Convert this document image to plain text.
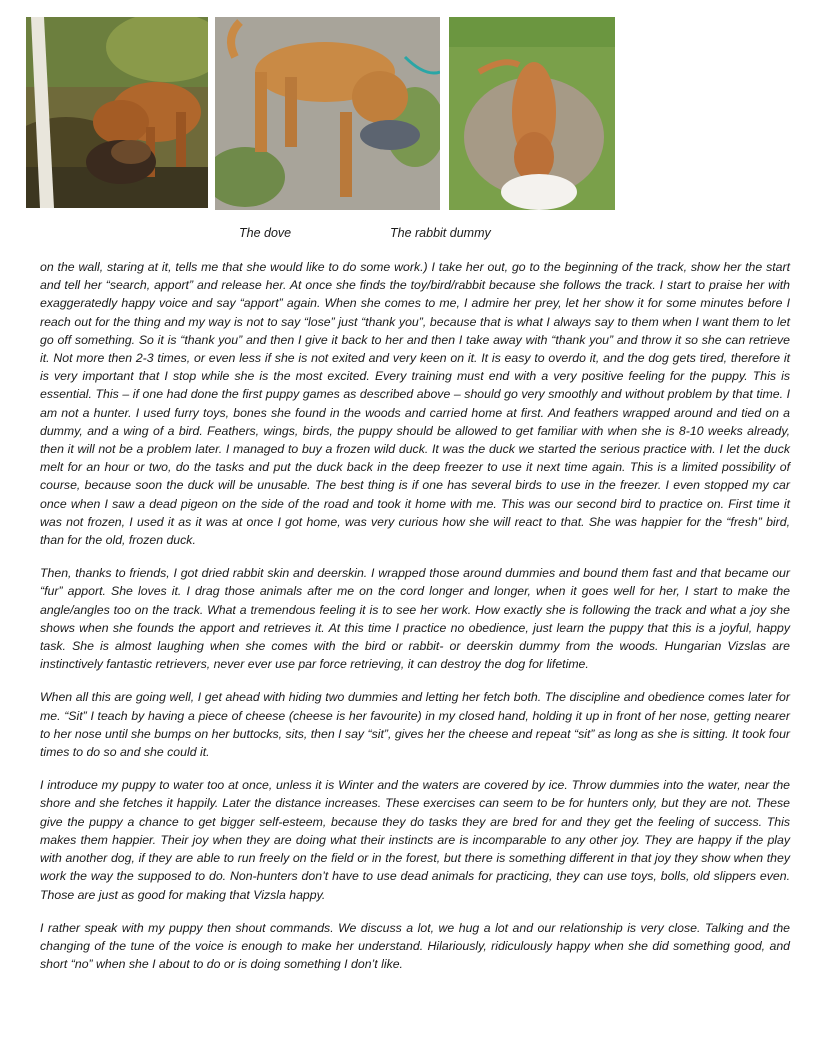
The dove	The rabbit dummy

on the wall, staring at it, tells me that she would like to do some work.) I take her out, go to the beginning of the track, show her the start and tell her “search, apport” and release her. At once she finds the toy/bird/rabbit because she follows the track. I start to praise her with exaggeratedly happy voice and say “apport” again. When she comes to me, I admire her prey, let her show it for some minutes before I reach out for the thing and my way is not to say “lose” just “thank you”, because that is what I always say to them when I want them to let go off something. So it is “thank you” and then I give it back to her and then I take away with “thank you” and throw it so she can retrieve it. Not more then 2-3 times, or even less if she is not exited and very keen on it. It is easy to overdo it, and the dog gets tired, therefore it is very important that I stop while she is the most excited. Every training must end with a very positive feeling for the puppy. This is essential. This – if one had done the first puppy games as described above – should go very smoothly and without problem by that time. I am not a hunter. I used furry toys, bones she found in the woods and carried home at first. And feathers wrapped around and tied on a dummy, and a wing of a bird. Feathers, wings, birds, the puppy should be allowed to get familiar with when she is 8-10 weeks already, then it will not be a problem later. I managed to buy a frozen wild duck. It was the duck we started the serious practice with. I let the duck melt for an hour or two, do the tasks and put the duck back in the deep freezer to use it next time again. This is a limited possibility of course, because soon the duck will be unusable. The best thing is if one has several birds to use in the freezer. I even stopped my car once when I saw a dead pigeon on the side of the road and took it home with me. This was our second bird to practice on. First time it was not frozen, I used it as it was at once I got home, was very curious how she will react to that. She was happier for the “fresh” bird, than for the old, frozen duck.

Then, thanks to friends, I got dried rabbit skin and deerskin. I wrapped those around dummies and bound them fast and that became our “fur” apport. She loves it. I drag those animals after me on the cord longer and longer, when it goes well for her, I start to make the angle/angles too on the track. What a tremendous feeling it is to see her work. How exactly she is following the track and what a joy she shows when she founds the apport and retrieves it. At this time I practice no obedience, just learn the puppy that this is a joyful, happy task. She is almost laughing when she comes with the bird or rabbit- or deerskin dummy from the woods. Hungarian Vizslas are instinctively fantastic retrievers, never ever use par force retrieving, it can destroy the dog for lifetime.

When all this are going well, I get ahead with hiding two dummies and letting her fetch both. The discipline and obedience comes later for me. “Sit” I teach by having a piece of cheese (cheese is her favourite) in my closed hand, holding it up in front of her nose, getting nearer to her nose until she bumps on her buttocks, sits, then I say “sit”, gives her the cheese and repeat “sit” as long as she is sitting. It took four times to do so and she could it.

I introduce my puppy to water too at once, unless it is Winter and the waters are covered by ice. Throw dummies into the water, near the shore and she fetches it happily. Later the distance increases. These exercises can seem to be for hunters only, but they are not. These give the puppy a chance to get bigger self-esteem, because they do tasks they are bred for and they get the feeling of success. This makes them happier. Their joy when they are doing what their instincts are is incomparable to any other joy. They are happy if the play with another dog, if they are able to run freely on the field or in the forest, but there is something different in that joy they show when they work the way the supposed to do. Non-hunters don’t have to use dead animals for practicing, they can use toys, bolls, old slippers even. Those are just as good for making that Vizsla happy.

I rather speak with my puppy then shout commands. We discuss a lot, we hug a lot and our relationship is very close. Talking and the changing of the tune of the voice is enough to make her understand. Hilariously, ridiculously happy when she did something good, and short “no” when she I about to do or is doing something I don’t like.
